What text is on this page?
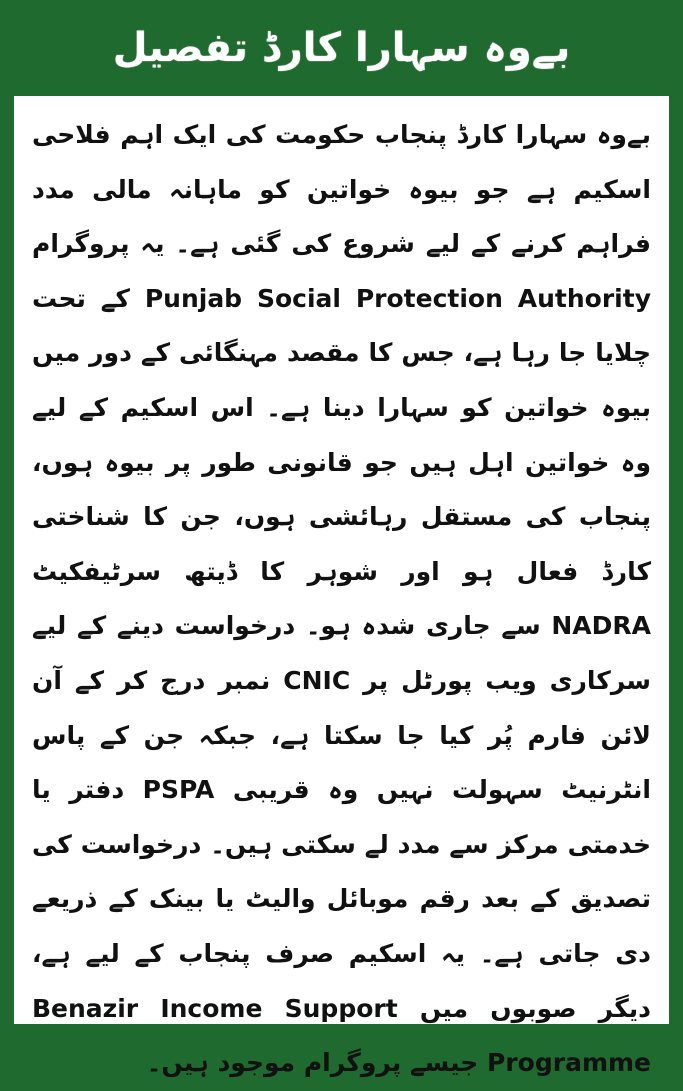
بےوہ سہارا کارڈ تفصیل

بےوہ سہارا کارڈ پنجاب حکومت کی ایک اہم فلاحی اسکیم ہے جو بیوہ خواتین کو ماہانہ مالی مدد فراہم کرنے کے لیے شروع کی گئی ہے۔ یہ پروگرام Punjab Social Protection Authority کے تحت چلایا جا رہا ہے، جس کا مقصد مہنگائی کے دور میں بیوہ خواتین کو سہارا دینا ہے۔ اس اسکیم کے لیے وہ خواتین اہل ہیں جو قانونی طور پر بیوہ ہوں، پنجاب کی مستقل رہائشی ہوں، جن کا شناختی کارڈ فعال ہو اور شوہر کا ڈیتھ سرٹیفکیٹ NADRA سے جاری شدہ ہو۔ درخواست دینے کے لیے سرکاری ویب پورٹل پر CNIC نمبر درج کر کے آن لائن فارم پُر کیا جا سکتا ہے، جبکہ جن کے پاس انٹرنیٹ سہولت نہیں وہ قریبی PSPA دفتر یا خدمتی مرکز سے مدد لے سکتی ہیں۔ درخواست کی تصدیق کے بعد رقم موبائل والیٹ یا بینک کے ذریعے دی جاتی ہے۔ یہ اسکیم صرف پنجاب کے لیے ہے، دیگر صوبوں میں Benazir Income Support Programme جیسے پروگرام موجود ہیں۔
